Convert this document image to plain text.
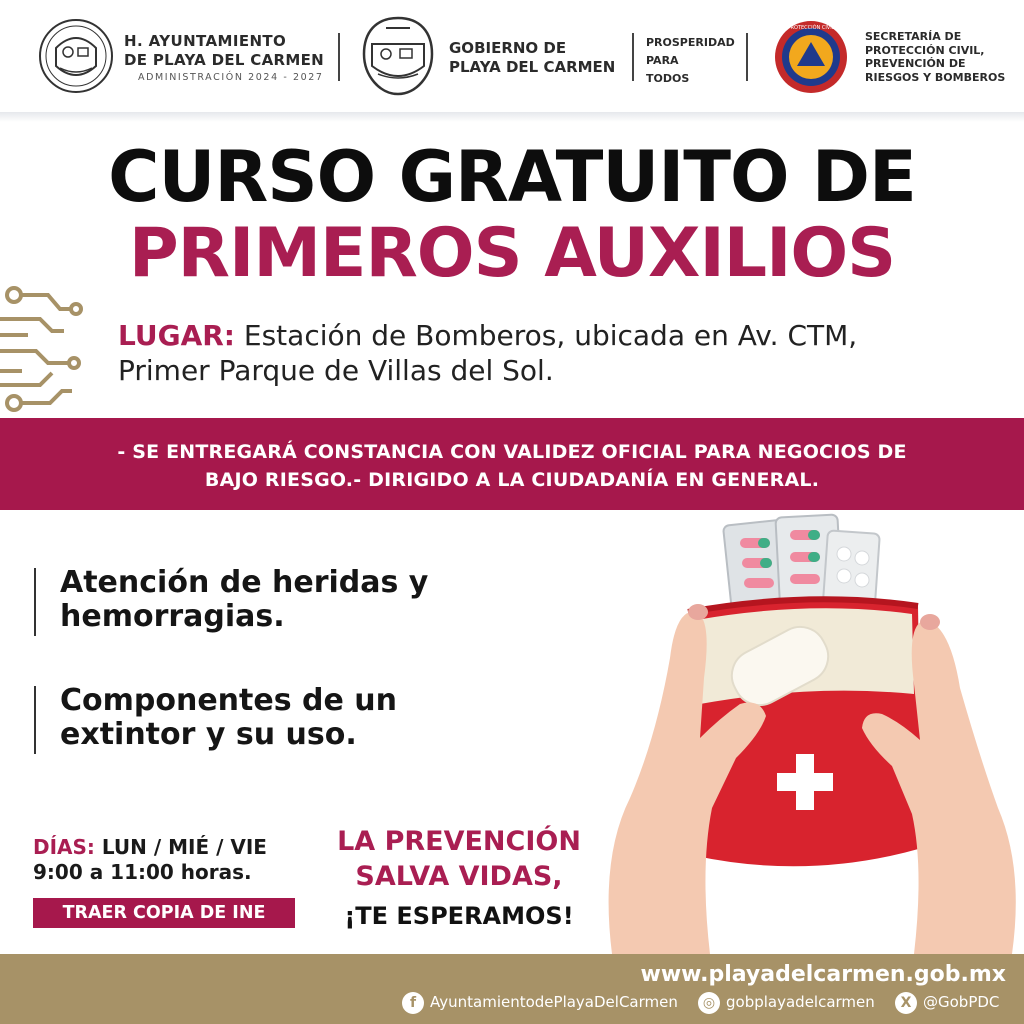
H. AYUNTAMIENTO
DE PLAYA DEL CARMEN
ADMINISTRACIÓN 2024 - 2027
GOBIERNO DE
PLAYA DEL CARMEN
PROSPERIDAD
PARA
TODOS
PROTECCIÓN CIVIL
SECRETARÍA DE
PROTECCIÓN CIVIL,
PREVENCIÓN DE
RIESGOS Y BOMBEROS
CURSO GRATUITO DE
PRIMEROS AUXILIOS
LUGAR: Estación de Bomberos, ubicada en Av. CTM,
Primer Parque de Villas del Sol.
- SE ENTREGARÁ CONSTANCIA CON VALIDEZ OFICIAL PARA NEGOCIOS DE
BAJO RIESGO.- DIRIGIDO A LA CIUDADANÍA EN GENERAL.
Atención de heridas y
hemorragias.
Componentes de un
extintor y su uso.
DÍAS: LUN / MIÉ / VIE
9:00 a 11:00 horas.
TRAER COPIA DE INE
LA PREVENCIÓN
SALVA VIDAS,
¡TE ESPERAMOS!
www.playadelcarmen.gob.mx
f AyuntamientodePlayaDelCarmen	◎ gobplayadelcarmen	X @GobPDC
